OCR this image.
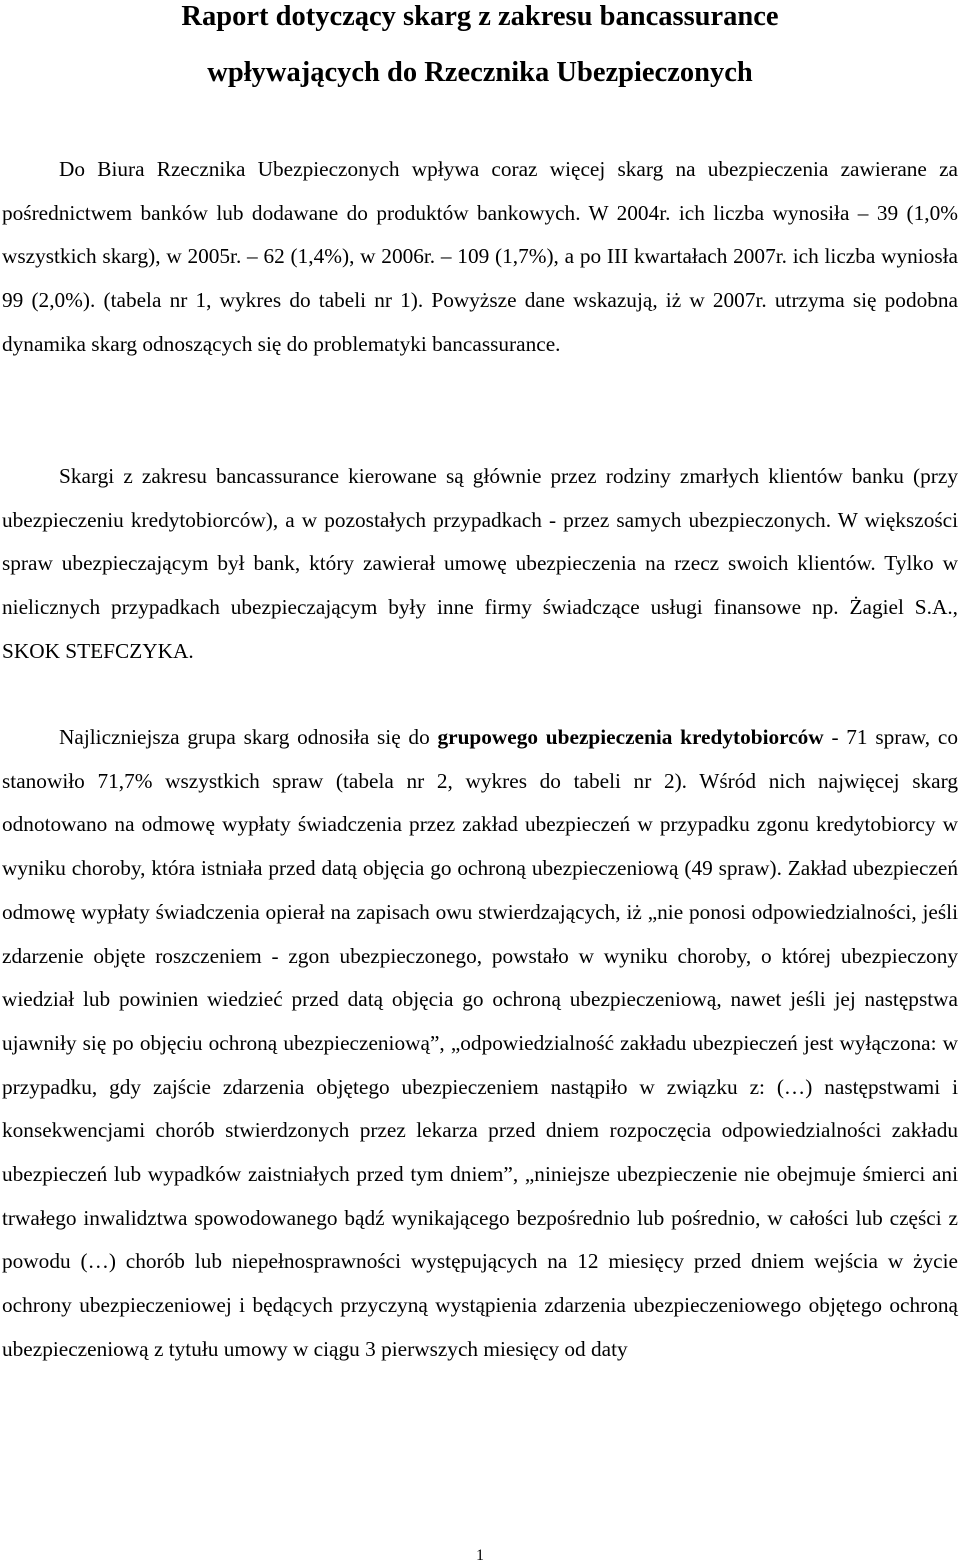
Raport dotyczący skarg z zakresu bancassurance
wpływających do Rzecznika Ubezpieczonych

Do Biura Rzecznika Ubezpieczonych wpływa coraz więcej skarg na ubezpieczenia zawierane za pośrednictwem banków lub dodawane do produktów bankowych. W 2004r. ich liczba wynosiła – 39 (1,0% wszystkich skarg), w 2005r. – 62 (1,4%), w 2006r. – 109 (1,7%), a po III kwartałach 2007r. ich liczba wyniosła 99 (2,0%). (tabela nr 1, wykres do tabeli nr 1). Powyższe dane wskazują, iż w 2007r. utrzyma się podobna dynamika skarg odnoszących się do problematyki bancassurance.

Skargi z zakresu bancassurance kierowane są głównie przez rodziny zmarłych klientów banku (przy ubezpieczeniu kredytobiorców), a w pozostałych przypadkach - przez samych ubezpieczonych. W większości spraw ubezpieczającym był bank, który zawierał umowę ubezpieczenia na rzecz swoich klientów. Tylko w nielicznych przypadkach ubezpieczającym były inne firmy świadczące usługi finansowe np. Żagiel S.A., SKOK STEFCZYKA.

Najliczniejsza grupa skarg odnosiła się do grupowego ubezpieczenia kredytobiorców - 71 spraw, co stanowiło 71,7% wszystkich spraw (tabela nr 2, wykres do tabeli nr 2). Wśród nich najwięcej skarg odnotowano na odmowę wypłaty świadczenia przez zakład ubezpieczeń w przypadku zgonu kredytobiorcy w wyniku choroby, która istniała przed datą objęcia go ochroną ubezpieczeniową (49 spraw). Zakład ubezpieczeń odmowę wypłaty świadczenia opierał na zapisach owu stwierdzających, iż „nie ponosi odpowiedzialności, jeśli zdarzenie objęte roszczeniem - zgon ubezpieczonego, powstało w wyniku choroby, o której ubezpieczony wiedział lub powinien wiedzieć przed datą objęcia go ochroną ubezpieczeniową, nawet jeśli jej następstwa ujawniły się po objęciu ochroną ubezpieczeniową”, „odpowiedzialność zakładu ubezpieczeń jest wyłączona: w przypadku, gdy zajście zdarzenia objętego ubezpieczeniem nastąpiło w związku z: (…) następstwami i konsekwencjami chorób stwierdzonych przez lekarza przed dniem rozpoczęcia odpowiedzialności zakładu ubezpieczeń lub wypadków zaistniałych przed tym dniem”, „niniejsze ubezpieczenie nie obejmuje śmierci ani trwałego inwalidztwa spowodowanego bądź wynikającego bezpośrednio lub pośrednio, w całości lub części z powodu (…) chorób lub niepełnosprawności występujących na 12 miesięcy przed dniem wejścia w życie ochrony ubezpieczeniowej i będących przyczyną wystąpienia zdarzenia ubezpieczeniowego objętego ochroną ubezpieczeniową z tytułu umowy w ciągu 3 pierwszych miesięcy od daty

1
